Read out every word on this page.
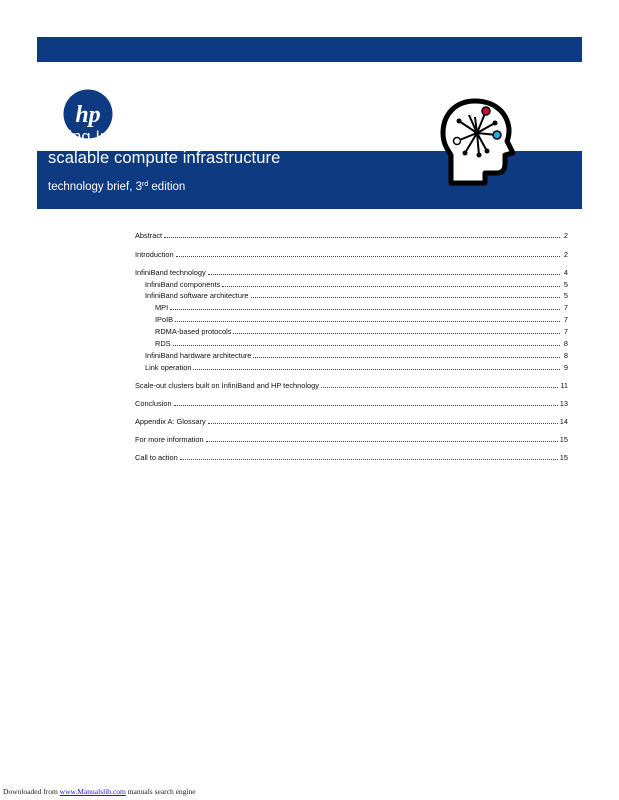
hp
Using InfiniBand for a
scalable compute infrastructure
technology brief, 3rd edition
Abstract	2
Introduction	2
InfiniBand technology	4
InfiniBand components	5
InfiniBand software architecture	5
MPI	7
IPoIB	7
RDMA-based protocols	7
RDS	8
InfiniBand hardware architecture	8
Link operation	9
Scale-out clusters built on InfiniBand and HP technology	11
Conclusion	13
Appendix A: Glossary	14
For more information	15
Call to action	15
Downloaded from www.Manualslib.com manuals search engine
